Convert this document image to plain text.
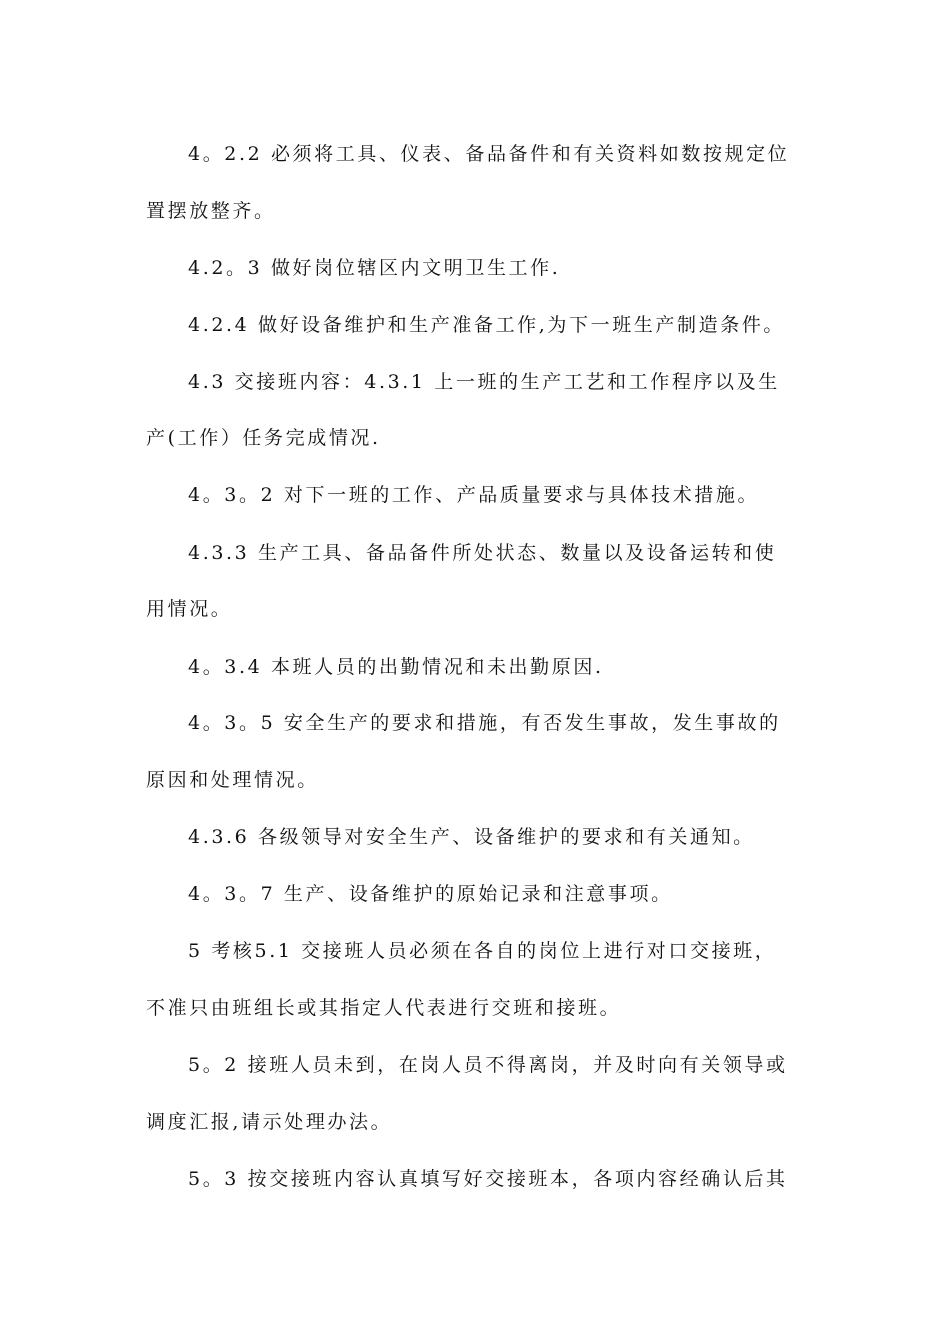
4。2.2 必须将工具、仪表、备品备件和有关资料如数按规定位
置摆放整齐。
4.2。3 做好岗位辖区内文明卫生工作.
4.2.4 做好设备维护和生产准备工作,为下一班生产制造条件。
4.3 交接班内容：4.3.1 上一班的生产工艺和工作程序以及生
产(工作）任务完成情况.
4。3。2 对下一班的工作、产品质量要求与具体技术措施。
4.3.3 生产工具、备品备件所处状态、数量以及设备运转和使
用情况。
4。3.4 本班人员的出勤情况和未出勤原因.
4。3。5 安全生产的要求和措施，有否发生事故，发生事故的
原因和处理情况。
4.3.6 各级领导对安全生产、设备维护的要求和有关通知。
4。3。7 生产、设备维护的原始记录和注意事项。
5 考核5.1 交接班人员必须在各自的岗位上进行对口交接班，
不准只由班组长或其指定人代表进行交班和接班。
5。2 接班人员未到，在岗人员不得离岗，并及时向有关领导或
调度汇报,请示处理办法。
5。3 按交接班内容认真填写好交接班本，各项内容经确认后其
